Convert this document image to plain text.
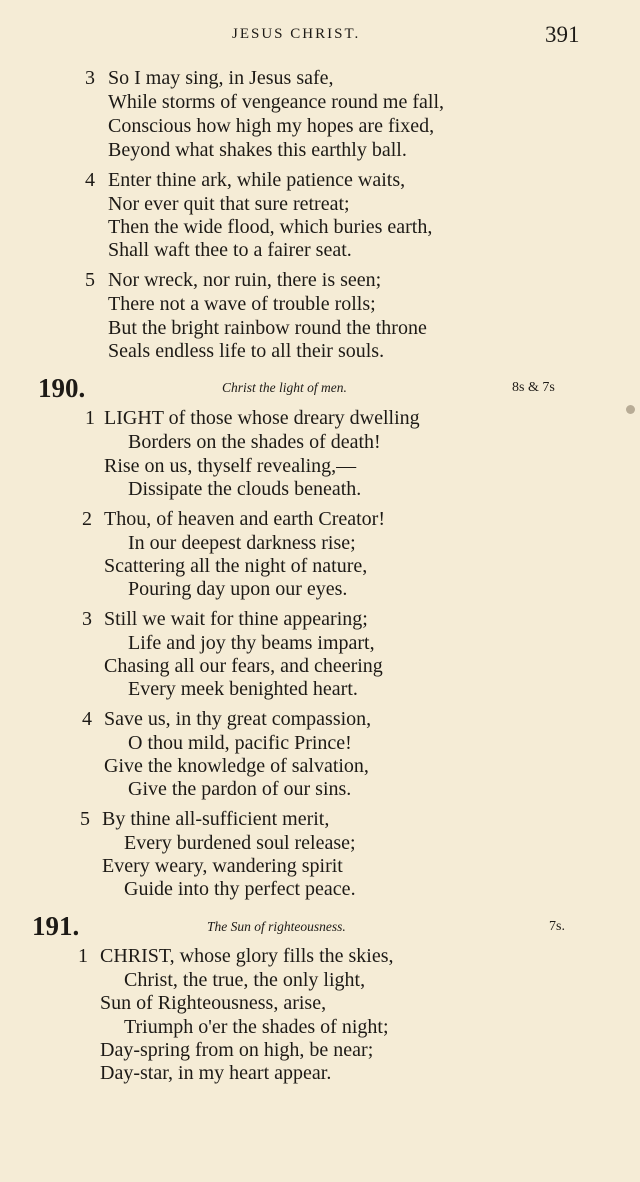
JESUS CHRIST.	391
3 So I may sing, in Jesus safe,
While storms of vengeance round me fall,
Conscious how high my hopes are fixed,
Beyond what shakes this earthly ball.
4 Enter thine ark, while patience waits,
Nor ever quit that sure retreat;
Then the wide flood, which buries earth,
Shall waft thee to a fairer seat.
5 Nor wreck, nor ruin, there is seen;
There not a wave of trouble rolls;
But the bright rainbow round the throne
Seals endless life to all their souls.
190.	Christ the light of men.	8s & 7s
1 LIGHT of those whose dreary dwelling
Borders on the shades of death!
Rise on us, thyself revealing,—
Dissipate the clouds beneath.
2 Thou, of heaven and earth Creator!
In our deepest darkness rise;
Scattering all the night of nature,
Pouring day upon our eyes.
3 Still we wait for thine appearing;
Life and joy thy beams impart,
Chasing all our fears, and cheering
Every meek benighted heart.
4 Save us, in thy great compassion,
O thou mild, pacific Prince!
Give the knowledge of salvation,
Give the pardon of our sins.
5 By thine all-sufficient merit,
Every burdened soul release;
Every weary, wandering spirit
Guide into thy perfect peace.
191.	The Sun of righteousness.	7s.
1 CHRIST, whose glory fills the skies,
Christ, the true, the only light,
Sun of Righteousness, arise,
Triumph o'er the shades of night;
Day-spring from on high, be near;
Day-star, in my heart appear.
